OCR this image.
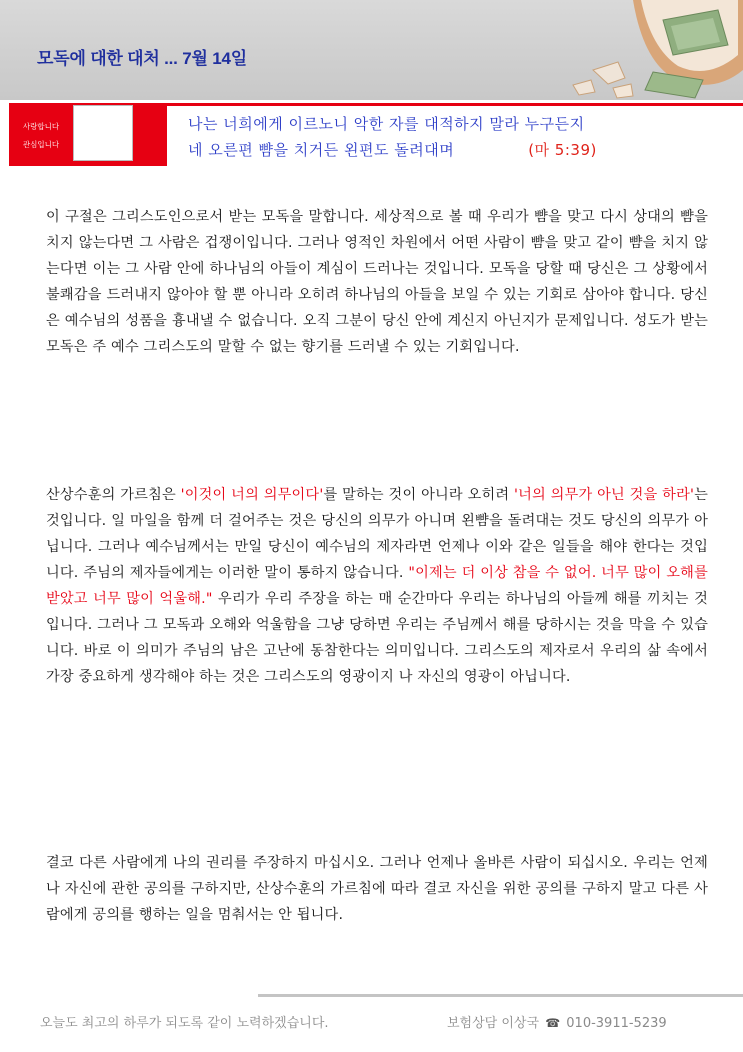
모독에 대한 대처 ... 7월 14일
사랑합니다
관심입니다
나는 너희에게 이르노니 악한 자를 대적하지 말라 누구든지
네 오른편 뺨을 치거든 왼편도 돌려대며	(마 5:39)
이 구절은 그리스도인으로서 받는 모독을 말합니다. 세상적으로 볼 때 우리가 뺨을 맞고 다시 상대의 뺨을 치지 않는다면 그 사람은 겁쟁이입니다. 그러나 영적인 차원에서 어떤 사람이 뺨을 맞고 같이 뺨을 치지 않는다면 이는 그 사람 안에 하나님의 아들이 계심이 드러나는 것입니다. 모독을 당할 때 당신은 그 상황에서 불쾌감을 드러내지 않아야 할 뿐 아니라 오히려 하나님의 아들을 보일 수 있는 기회로 삼아야 합니다. 당신은 예수님의 성품을 흉내낼 수 없습니다. 오직 그분이 당신 안에 계신지 아닌지가 문제입니다. 성도가 받는 모독은 주 예수 그리스도의 말할 수 없는 향기를 드러낼 수 있는 기회입니다.
산상수훈의 가르침은 '이것이 너의 의무이다'를 말하는 것이 아니라 오히려 '너의 의무가 아닌 것을 하라'는 것입니다. 일 마일을 함께 더 걸어주는 것은 당신의 의무가 아니며 왼뺨을 돌려대는 것도 당신의 의무가 아닙니다. 그러나 예수님께서는 만일 당신이 예수님의 제자라면 언제나 이와 같은 일들을 해야 한다는 것입니다. 주님의 제자들에게는 이러한 말이 통하지 않습니다. "이제는 더 이상 참을 수 없어. 너무 많이 오해를 받았고 너무 많이 억울해." 우리가 우리 주장을 하는 매 순간마다 우리는 하나님의 아들께 해를 끼치는 것입니다. 그러나 그 모독과 오해와 억울함을 그냥 당하면 우리는 주님께서 해를 당하시는 것을 막을 수 있습니다. 바로 이 의미가 주님의 남은 고난에 동참한다는 의미입니다. 그리스도의 제자로서 우리의 삶 속에서 가장 중요하게 생각해야 하는 것은 그리스도의 영광이지 나 자신의 영광이 아닙니다.
결코 다른 사람에게 나의 권리를 주장하지 마십시오. 그러나 언제나 올바른 사람이 되십시오. 우리는 언제나 자신에 관한 공의를 구하지만, 산상수훈의 가르침에 따라 결코 자신을 위한 공의를 구하지 말고 다른 사람에게 공의를 행하는 일을 멈춰서는 안 됩니다.
오늘도 최고의 하루가 되도록 같이 노력하겠습니다.	보험상담 이상국 ☎ 010-3911-5239
